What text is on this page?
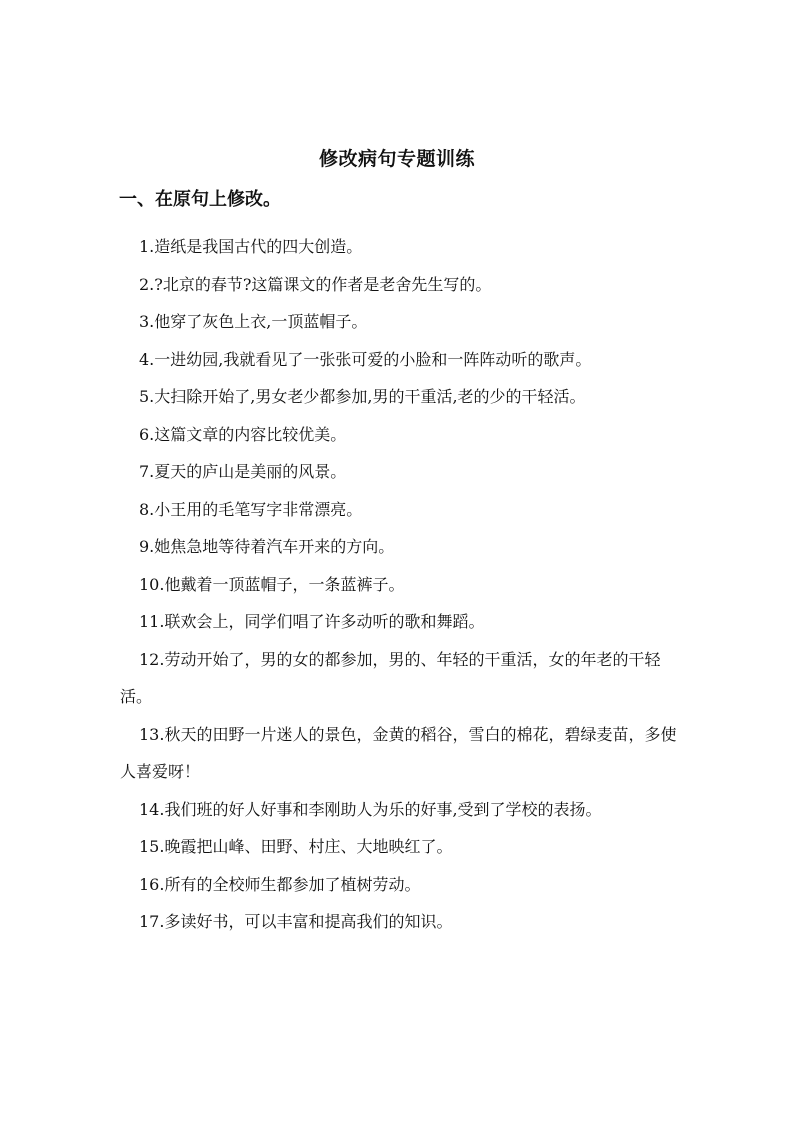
修改病句专题训练
一、在原句上修改。
1.造纸是我国古代的四大创造。
2.?北京的春节?这篇课文的作者是老舍先生写的。
3.他穿了灰色上衣,一顶蓝帽子。
4.一进幼园,我就看见了一张张可爱的小脸和一阵阵动听的歌声。
5.大扫除开始了,男女老少都参加,男的干重活,老的少的干轻活。
6.这篇文章的内容比较优美。
7.夏天的庐山是美丽的风景。
8.小王用的毛笔写字非常漂亮。
9.她焦急地等待着汽车开来的方向。
10.他戴着一顶蓝帽子，一条蓝裤子。
11.联欢会上，同学们唱了许多动听的歌和舞蹈。
12.劳动开始了，男的女的都参加，男的、年轻的干重活，女的年老的干轻活。
13.秋天的田野一片迷人的景色，金黄的稻谷，雪白的棉花，碧绿麦苗，多使人喜爱呀！
14.我们班的好人好事和李刚助人为乐的好事,受到了学校的表扬。
15.晚霞把山峰、田野、村庄、大地映红了。
16.所有的全校师生都参加了植树劳动。
17.多读好书，可以丰富和提高我们的知识。
